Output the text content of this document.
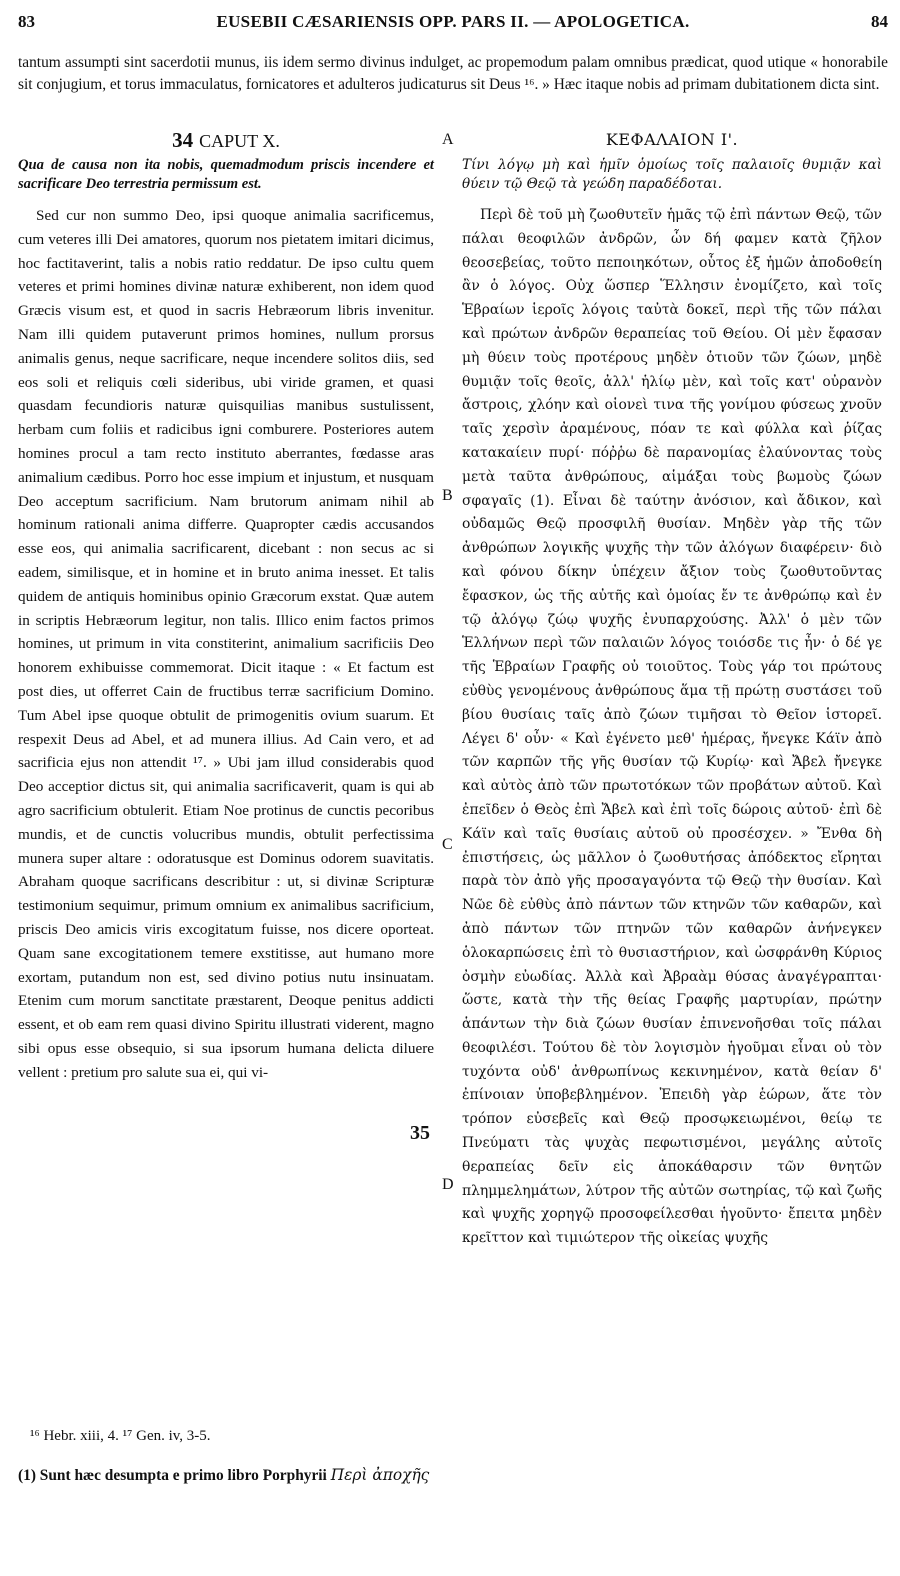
83	EUSEBII CÆSARIENSIS OPP. PARS II. — APOLOGETICA.	84

tantum assumpti sint sacerdotii munus, iis idem sermo divinus indulget, ac propemodum palam omnibus prædicat, quod utique « honorabile sit conjugium, et torus immaculatus, fornicatores et adulteros judicaturus sit Deus ¹⁶. » Hæc itaque nobis ad primam dubitationem dicta sint.

34 CAPUT X.
Qua de causa non ita nobis, quemadmodum priscis incendere et sacrificare Deo terrestria permissum est.

Sed cur non summo Deo, ipsi quoque animalia sacrificemus, cum veteres illi Dei amatores, quorum nos pietatem imitari dicimus, hoc factitaverint, talis a nobis ratio reddatur. De ipso cultu quem veteres et primi homines divinæ naturæ exhiberent, non idem quod Græcis visum est, et quod in sacris Hebræorum libris invenitur. Nam illi quidem putaverunt primos homines, nullum prorsus animalis genus, neque sacrificare, neque incendere solitos diis, sed eos soli et reliquis cœli sideribus, ubi viride gramen, et quasi quasdam fecundioris naturæ quisquilias manibus sustulissent, herbam cum foliis et radicibus igni comburere. Posteriores autem homines procul a tam recto instituto aberrantes, fœdasse aras animalium cædibus. Porro hoc esse impium et injustum, et nusquam Deo acceptum sacrificium. Nam brutorum animam nihil ab hominum rationali anima differre. Quapropter cædis accusandos esse eos, qui animalia sacrificarent, dicebant : non secus ac si eadem, similisque, et in homine et in bruto anima inesset. Et talis quidem de antiquis hominibus opinio Græcorum exstat. Quæ autem in scriptis Hebræorum legitur, non talis. Illico enim factos primos homines, ut primum in vita constiterint, animalium sacrificiis Deo honorem exhibuisse commemorat. Dicit itaque : « Et factum est post dies, ut offerret Cain de fructibus terræ sacrificium Domino. Tum Abel ipse quoque obtulit de primogenitis ovium suarum. Et respexit Deus ad Abel, et ad munera illius. Ad Cain vero, et ad sacrificia ejus non attendit ¹⁷. » Ubi jam illud considerabis quod Deo acceptior dictus sit, qui animalia sacrificaverit, quam is qui ab agro sacrificium obtulerit. Etiam Noe protinus de cunctis pecoribus mundis, et de cunctis volucribus mundis, obtulit perfectissima munera super altare : odoratusque est Dominus odorem suavitatis. Abraham quoque sacrificans describitur : ut, si divinæ Scripturæ testimonium sequimur, primum omnium ex animalibus sacrificium, priscis Deo amicis viris excogitatum fuisse, nos dicere oporteat. Quam sane excogitationem temere exstitisse, aut humano more exortam, putandum non est, sed divino potius nutu insinuatam. Etenim cum morum sanctitate præstarent, Deoque penitus addicti essent, et ob eam rem quasi divino Spiritu illustrati viderent, magno sibi opus esse obsequio, si sua ipsorum humana delicta diluere vellent : pretium pro salute sua ei, qui vi-

ΚΕΦΑΛΑΙΟΝ Ι'.
Τίνι λόγῳ μὴ καὶ ἡμῖν ὁμοίως τοῖς παλαιοῖς θυμιᾷν καὶ θύειν τῷ Θεῷ τὰ γεώδη παραδέδοται.

Περὶ δὲ τοῦ μὴ ζωοθυτεῖν ἡμᾶς τῷ ἐπὶ πάντων Θεῷ, τῶν πάλαι θεοφιλῶν ἀνδρῶν, ὧν δή φαμεν κατὰ ζῆλον θεοσεβείας, τοῦτο πεποιηκότων, οὗτος ἐξ ἡμῶν ἀποδοθείη ἂν ὁ λόγος. Οὐχ ὥσπερ Ἕλλησιν ἐνομίζετο, καὶ τοῖς Ἑβραίων ἱεροῖς λόγοις ταὐτὰ δοκεῖ, περὶ τῆς τῶν πάλαι καὶ πρώτων ἀνδρῶν θεραπείας τοῦ Θείου. Οἱ μὲν ἔφασαν μὴ θύειν τοὺς προτέρους μηδὲν ὁτιοῦν τῶν ζώων, μηδὲ θυμιᾷν τοῖς θεοῖς, ἀλλ' ἡλίῳ μὲν, καὶ τοῖς κατ' οὐρανὸν ἄστροις, χλόην καὶ οἱονεὶ τινα τῆς γονίμου φύσεως χνοῦν ταῖς χερσὶν ἀραμένους, πόαν τε καὶ φύλλα καὶ ῥίζας κατακαίειν πυρί· πόῤῥω δὲ παρανομίας ἐλαύνοντας τοὺς μετὰ ταῦτα ἀνθρώπους, αἱμάξαι τοὺς βωμοὺς ζώων σφαγαῖς (1). Εἶναι δὲ ταύτην ἀνόσιον, καὶ ἄδικον, καὶ οὐδαμῶς Θεῷ προσφιλῆ θυσίαν. Μηδὲν γὰρ τῆς τῶν ἀνθρώπων λογικῆς ψυχῆς τὴν τῶν ἀλόγων διαφέρειν· διὸ καὶ φόνου δίκην ὑπέχειν ἄξιον τοὺς ζωοθυτοῦντας ἔφασκον, ὡς τῆς αὐτῆς καὶ ὁμοίας ἔν τε ἀνθρώπῳ καὶ ἐν τῷ ἀλόγῳ ζώῳ ψυχῆς ἐνυπαρχούσης. Ἀλλ' ὁ μὲν τῶν Ἑλλήνων περὶ τῶν παλαιῶν λόγος τοιόσδε τις ἦν· ὁ δέ γε τῆς Ἑβραίων Γραφῆς οὐ τοιοῦτος. Τοὺς γάρ τοι πρώτους εὐθὺς γενομένους ἀνθρώπους ἅμα τῇ πρώτῃ συστάσει τοῦ βίου θυσίαις ταῖς ἀπὸ ζώων τιμῆσαι τὸ Θεῖον ἱστορεῖ. Λέγει δ' οὖν· « Καὶ ἐγένετο μεθ' ἡμέρας, ἤνεγκε Κάϊν ἀπὸ τῶν καρπῶν τῆς γῆς θυσίαν τῷ Κυρίῳ· καὶ Ἄβελ ἤνεγκε καὶ αὐτὸς ἀπὸ τῶν πρωτοτόκων τῶν προβάτων αὐτοῦ. Καὶ ἐπεῖδεν ὁ Θεὸς ἐπὶ Ἄβελ καὶ ἐπὶ τοῖς δώροις αὐτοῦ· ἐπὶ δὲ Κάϊν καὶ ταῖς θυσίαις αὐτοῦ οὐ προσέσχεν. » Ἔνθα δὴ ἐπιστήσεις, ὡς μᾶλλον ὁ ζωοθυτήσας ἀπόδεκτος εἴρηται παρὰ τὸν ἀπὸ γῆς προσαγαγόντα τῷ Θεῷ τὴν θυσίαν. Καὶ Νῶε δὲ εὐθὺς ἀπὸ πάντων τῶν κτηνῶν τῶν καθαρῶν, καὶ ἀπὸ πάντων τῶν πτηνῶν τῶν καθαρῶν ἀνήνεγκεν ὁλοκαρπώσεις ἐπὶ τὸ θυσιαστήριον, καὶ ὠσφράνθη Κύριος ὀσμὴν εὐωδίας. Ἀλλὰ καὶ Ἀβραὰμ θύσας ἀναγέγραπται· ὥστε, κατὰ τὴν τῆς θείας Γραφῆς μαρτυρίαν, πρώτην ἁπάντων τὴν διὰ ζώων θυσίαν ἐπινενοῆσθαι τοῖς πάλαι θεοφιλέσι. Τούτου δὲ τὸν λογισμὸν ἡγοῦμαι εἶναι οὐ τὸν τυχόντα οὐδ' ἀνθρωπίνως κεκινημένον, κατὰ θείαν δ' ἐπίνοιαν ὑποβεβλημένον. Ἐπειδὴ γὰρ ἑώρων, ἅτε τὸν τρόπον εὐσεβεῖς καὶ Θεῷ προσῳκειωμένοι, θείῳ τε Πνεύματι τὰς ψυχὰς πεφωτισμένοι, μεγάλης αὐτοῖς θεραπείας δεῖν εἰς ἀποκάθαρσιν τῶν θνητῶν πλημμελημάτων, λύτρον τῆς αὐτῶν σωτηρίας, τῷ καὶ ζωῆς καὶ ψυχῆς χορηγῷ προσοφείλεσθαι ἡγοῦντο· ἔπειτα μηδὲν κρεῖττον καὶ τιμιώτερον τῆς οἰκείας ψυχῆς

A
B
C
D
35
¹⁶ Hebr. xiii, 4. ¹⁷ Gen. iv, 3-5.
(1) Sunt hæc desumpta e primo libro Porphyrii Περὶ ἀποχῆς
